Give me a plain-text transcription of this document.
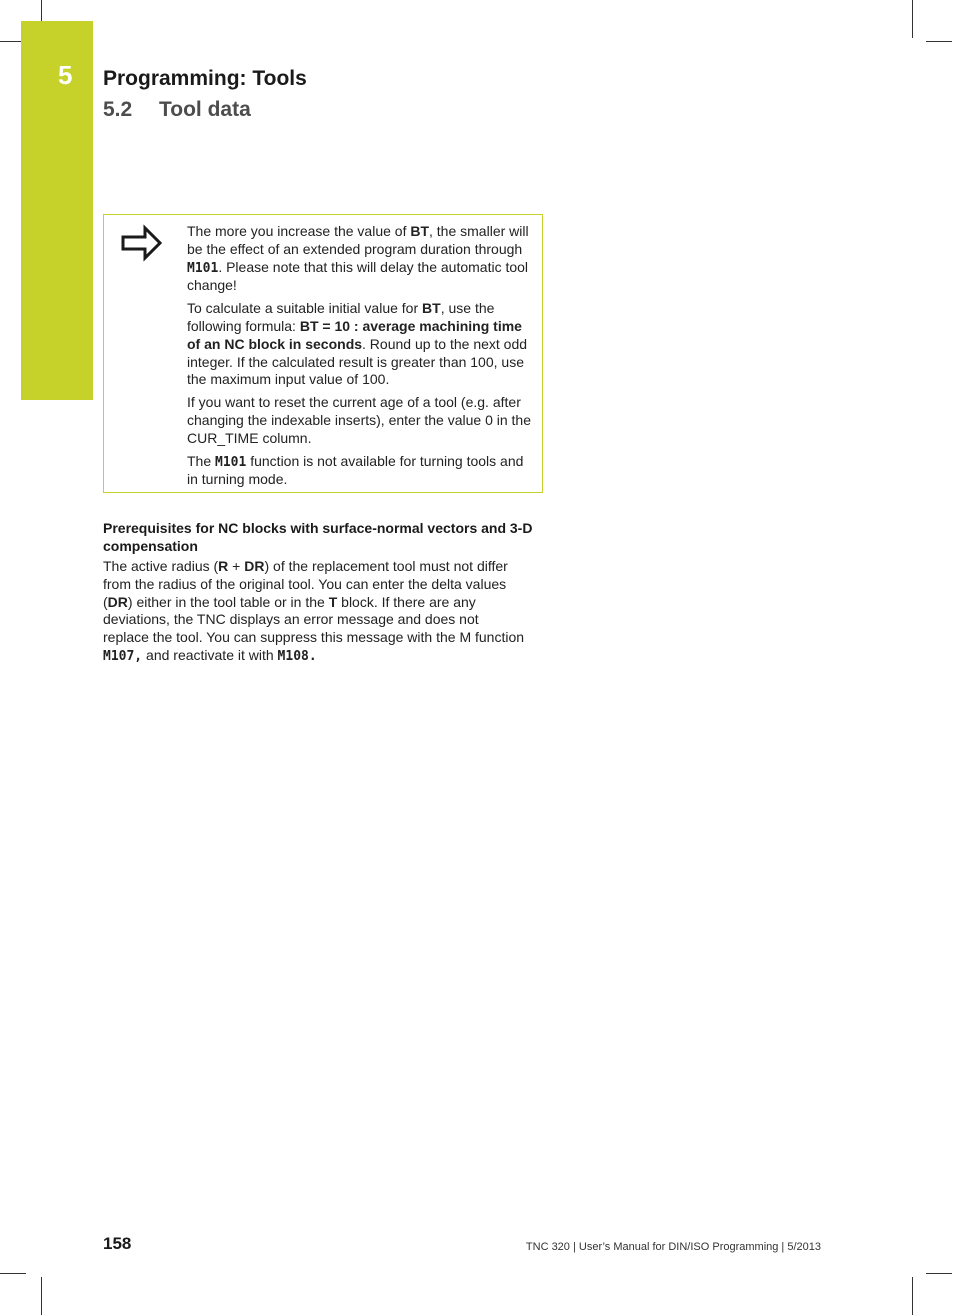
5 Programming: Tools
5.2 Tool data

The more you increase the value of BT, the smaller will be the effect of an extended program duration through M101. Please note that this will delay the automatic tool change!

To calculate a suitable initial value for BT, use the following formula: BT = 10 : average machining time of an NC block in seconds. Round up to the next odd integer. If the calculated result is greater than 100, use the maximum input value of 100.

If you want to reset the current age of a tool (e.g. after changing the indexable inserts), enter the value 0 in the CUR_TIME column.

The M101 function is not available for turning tools and in turning mode.

Prerequisites for NC blocks with surface-normal vectors and 3-D compensation

The active radius (R + DR) of the replacement tool must not differ from the radius of the original tool. You can enter the delta values (DR) either in the tool table or in the T block. If there are any deviations, the TNC displays an error message and does not replace the tool. You can suppress this message with the M function M107, and reactivate it with M108.

158	TNC 320 | User’s Manual for DIN/ISO Programming | 5/2013
